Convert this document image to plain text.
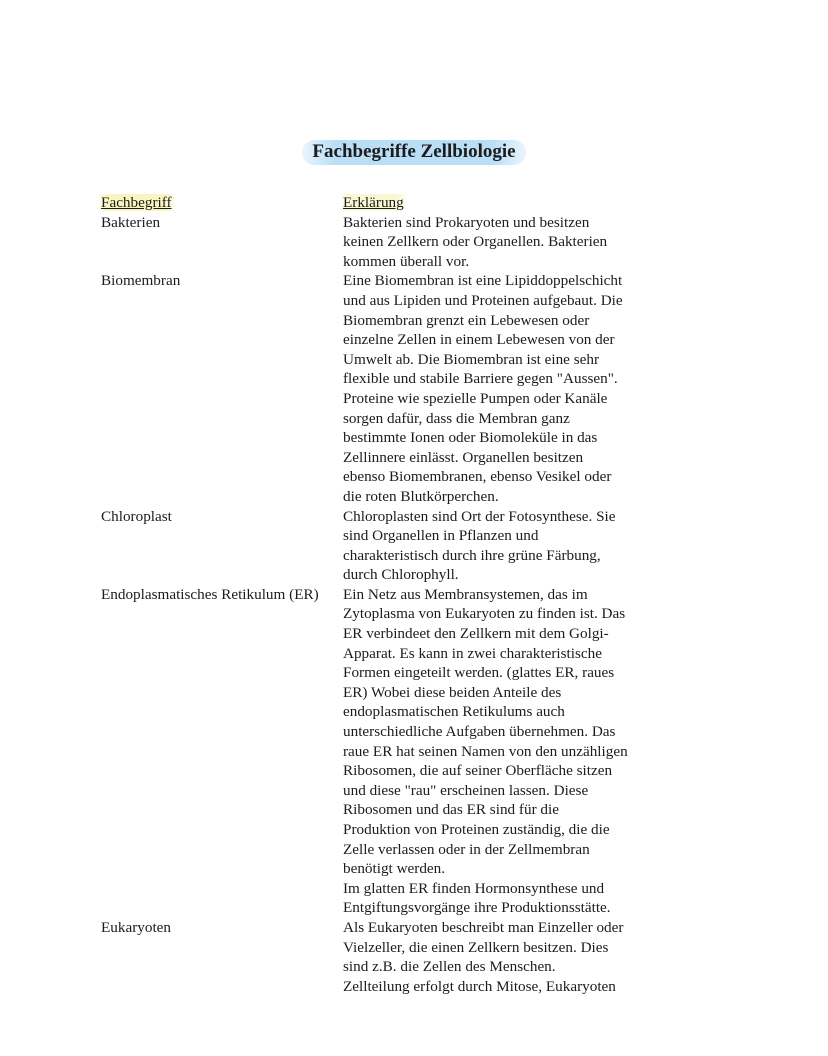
Fachbegriffe Zellbiologie
Fachbegriff	Erklärung
Bakterien	Bakterien sind Prokaryoten und besitzen
keinen Zellkern oder Organellen. Bakterien
kommen überall vor.
Biomembran	Eine Biomembran ist eine Lipiddoppelschicht
und aus Lipiden und Proteinen aufgebaut. Die
Biomembran grenzt ein Lebewesen oder
einzelne Zellen in einem Lebewesen von der
Umwelt ab. Die Biomembran ist eine sehr
flexible und stabile Barriere gegen "Aussen".
Proteine wie spezielle Pumpen oder Kanäle
sorgen dafür, dass die Membran ganz
bestimmte Ionen oder Biomoleküle in das
Zellinnere einlässt. Organellen besitzen
ebenso Biomembranen, ebenso Vesikel oder
die roten Blutkörperchen.
Chloroplast	Chloroplasten sind Ort der Fotosynthese. Sie
sind Organellen in Pflanzen und
charakteristisch durch ihre grüne Färbung,
durch Chlorophyll.
Endoplasmatisches Retikulum (ER)	Ein Netz aus Membransystemen, das im
Zytoplasma von Eukaryoten zu finden ist. Das
ER verbindeet den Zellkern mit dem Golgi-
Apparat. Es kann in zwei charakteristische
Formen eingeteilt werden. (glattes ER, raues
ER) Wobei diese beiden Anteile des
endoplasmatischen Retikulums auch
unterschiedliche Aufgaben übernehmen. Das
raue ER hat seinen Namen von den unzähligen
Ribosomen, die auf seiner Oberfläche sitzen
und diese "rau" erscheinen lassen. Diese
Ribosomen und das ER sind für die
Produktion von Proteinen zuständig, die die
Zelle verlassen oder in der Zellmembran
benötigt werden.
Im glatten ER finden Hormonsynthese und
Entgiftungsvorgänge ihre Produktionsstätte.
Eukaryoten	Als Eukaryoten beschreibt man Einzeller oder
Vielzeller, die einen Zellkern besitzen. Dies
sind z.B. die Zellen des Menschen.
Zellteilung erfolgt durch Mitose, Eukaryoten
